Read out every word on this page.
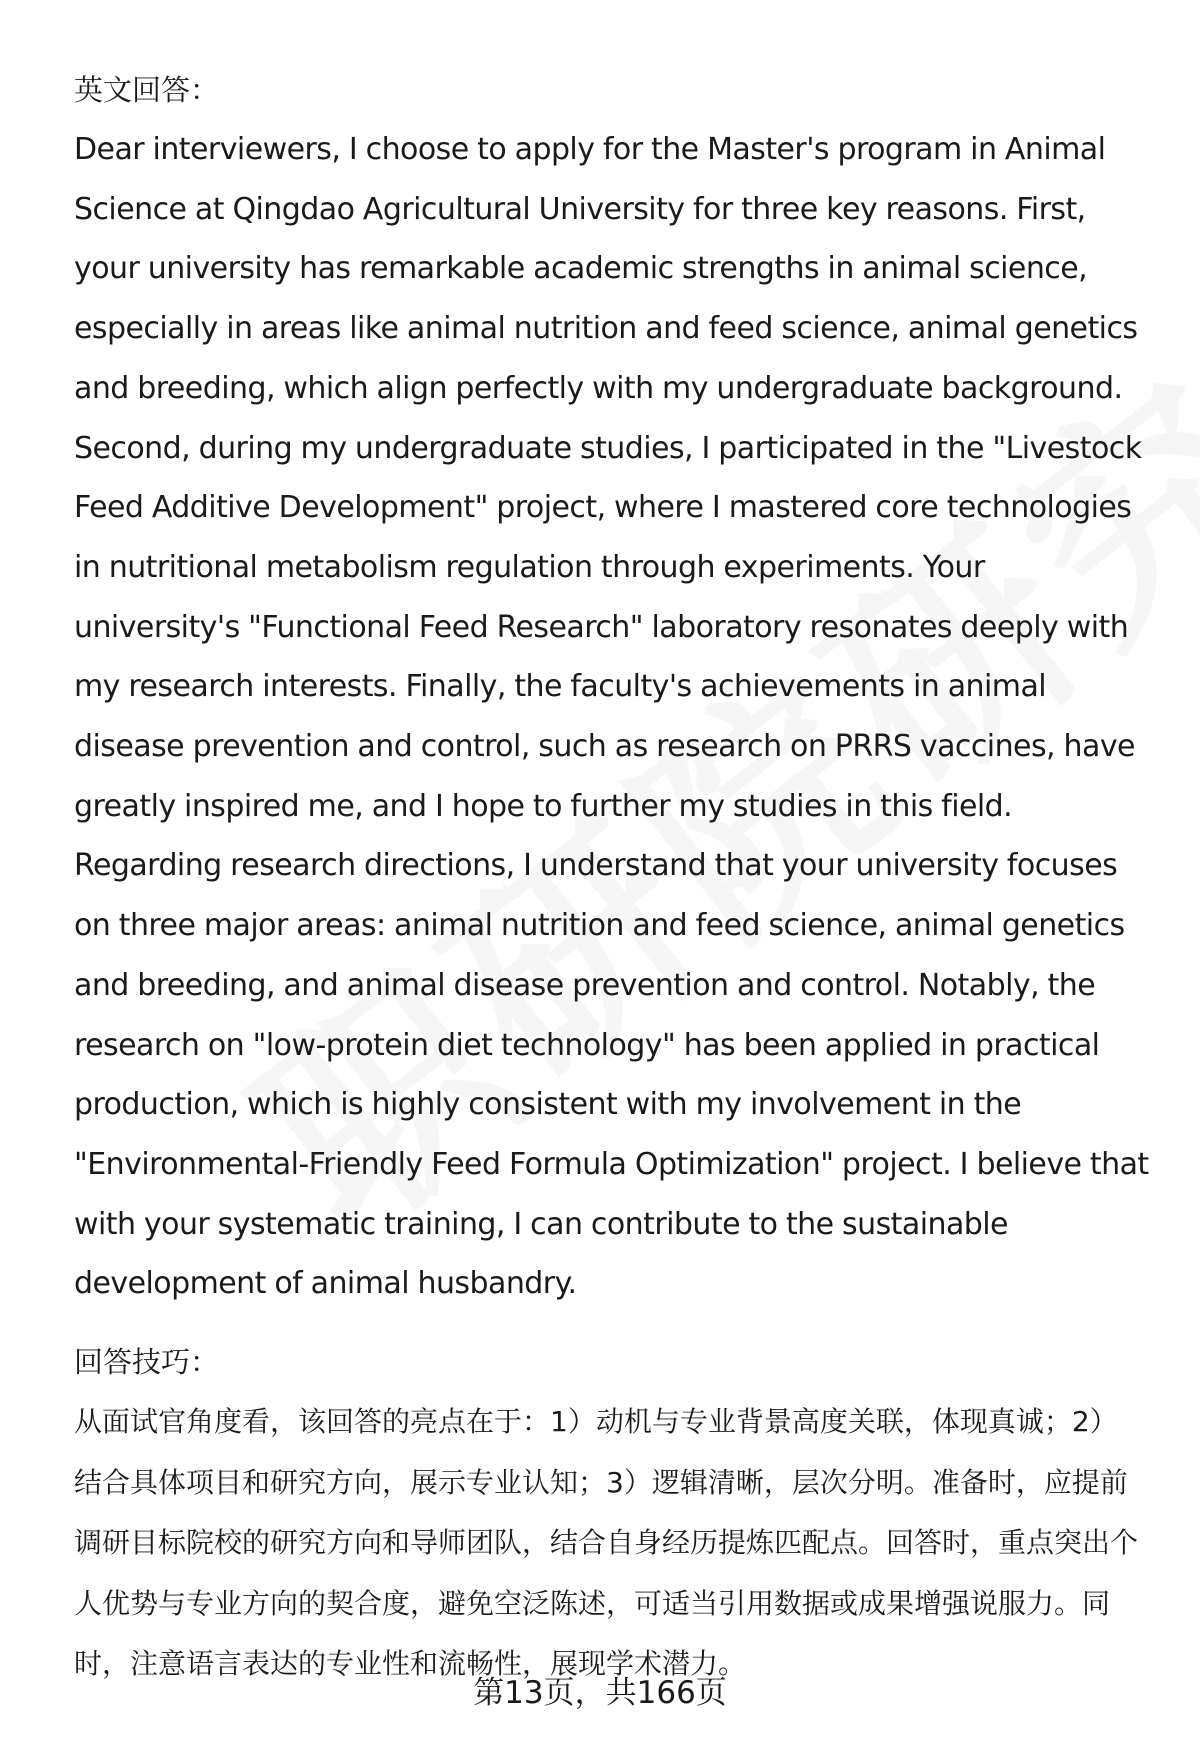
英文回答：

Dear interviewers, I choose to apply for the Master's program in Animal Science at Qingdao Agricultural University for three key reasons. First, your university has remarkable academic strengths in animal science, especially in areas like animal nutrition and feed science, animal genetics and breeding, which align perfectly with my undergraduate background. Second, during my undergraduate studies, I participated in the "Livestock Feed Additive Development" project, where I mastered core technologies in nutritional metabolism regulation through experiments. Your university's "Functional Feed Research" laboratory resonates deeply with my research interests. Finally, the faculty's achievements in animal disease prevention and control, such as research on PRRS vaccines, have greatly inspired me, and I hope to further my studies in this field. Regarding research directions, I understand that your university focuses on three major areas: animal nutrition and feed science, animal genetics and breeding, and animal disease prevention and control. Notably, the research on "low-protein diet technology" has been applied in practical production, which is highly consistent with my involvement in the "Environmental-Friendly Feed Formula Optimization" project. I believe that with your systematic training, I can contribute to the sustainable development of animal husbandry.

回答技巧：

从面试官角度看，该回答的亮点在于：1）动机与专业背景高度关联，体现真诚；2）结合具体项目和研究方向，展示专业认知；3）逻辑清晰，层次分明。准备时，应提前调研目标院校的研究方向和导师团队，结合自身经历提炼匹配点。回答时，重点突出个人优势与专业方向的契合度，避免空泛陈述，可适当引用数据或成果增强说服力。同时，注意语言表达的专业性和流畅性，展现学术潜力。

第13页，共166页
